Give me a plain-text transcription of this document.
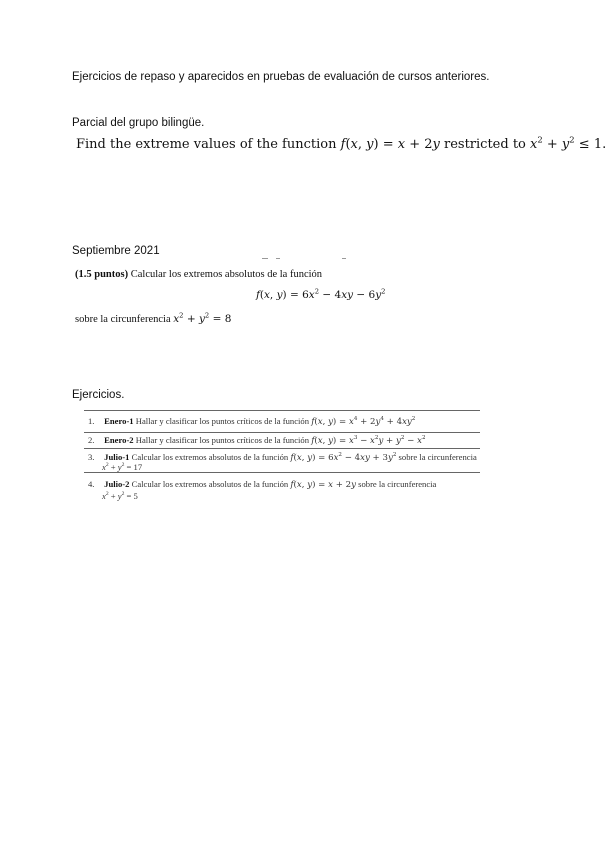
Ejercicios de repaso y aparecidos en pruebas de evaluación de cursos anteriores.
Parcial del grupo bilingüe.
Find the extreme values of the function f(x, y) = x + 2y restricted to $x^2 + y^2 \le 1$.
Septiembre 2021
(1.5 puntos) Calcular los extremos absolutos de la función
f(x, $y) = 6x^2 - 4xy - 6y^2$
sobre la circunferencia $x^2 + y^2 = 8$
Ejercicios.
1. Enero-1 Hallar y clasificar los puntos críticos de la función f(x, $y) = x^4 + 2y^4 + 4xy^2$
2. Enero-2 Hallar y clasificar los puntos críticos de la función f(x, $y) = x^3 - x^2y + y^2 - x^2$
3. Julio-1 Calcular los extremos absolutos de la función f(x, $y) = 6x^2 - 4xy + 3y^2$ sobre la circunferencia
$x^2 + y^2 = 17$
4. Julio-2 Calcular los extremos absolutos de la función f(x, y) = x + 2y sobre la circunferencia
$x^2 + y^2 = 5$
